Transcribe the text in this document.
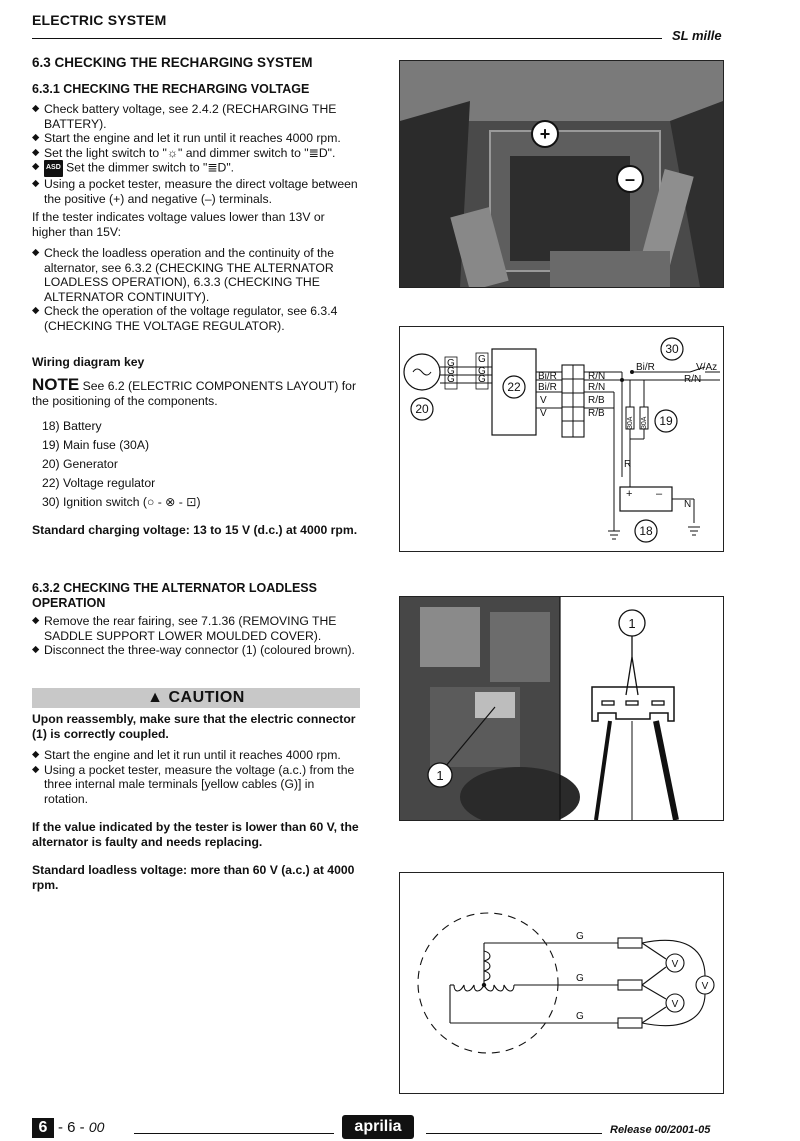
ELECTRIC SYSTEM
SL mille
6.3 CHECKING THE RECHARGING SYSTEM
6.3.1 CHECKING THE RECHARGING VOLTAGE
◆ Check battery voltage, see 2.4.2 (RECHARGING THE BATTERY).
◆ Start the engine and let it run until it reaches 4000 rpm.
◆ Set the light switch to "☼" and dimmer switch to "≣D".
◆ ASD Set the dimmer switch to "≣D".
◆ Using a pocket tester, measure the direct voltage between the positive (+) and negative (–) terminals.

If the tester indicates voltage values lower than 13V or higher than 15V:

◆ Check the loadless operation and the continuity of the alternator, see 6.3.2 (CHECKING THE ALTERNATOR LOADLESS OPERATION), 6.3.3 (CHECKING THE ALTERNATOR CONTINUITY).
◆ Check the operation of the voltage regulator, see 6.3.4 (CHECKING THE VOLTAGE REGULATOR).
Wiring diagram key
NOTE See 6.2 (ELECTRIC COMPONENTS LAYOUT) for the positioning of the components.
18) Battery
19) Main fuse (30A)
20) Generator
22) Voltage regulator
30) Ignition switch (○ - ⊗ - ⊡)

Standard charging voltage: 13 to 15 V (d.c.) at 4000 rpm.

6.3.2 CHECKING THE ALTERNATOR LOADLESS OPERATION
◆ Remove the rear fairing, see 7.1.36 (REMOVING THE SADDLE SUPPORT LOWER MOULDED COVER).
◆ Disconnect the three-way connector (1) (coloured brown).
▲ CAUTION

Upon reassembly, make sure that the electric connector (1) is correctly coupled.

◆ Start the engine and let it run until it reaches 4000 rpm.
◆ Using a pocket tester, measure the voltage (a.c.) from the three internal male terminals [yellow cables (G)] in rotation.

If the value indicated by the tester is lower than 60 V, the alternator is faulty and needs replacing.

Standard loadless voltage: more than 60 V (a.c.) at 4000 rpm.

+
–
G
G
G
G
G
G	Bi/R
Bi/R
V
V
R/N
R/N
R/B
R/B
Bi/R	V/Az
R/N
R
N
+ –
30A 30A
30
22
20
19
18
1
1
G
G
G
V
V
V
6 - 6 - 00	aprilia	Release 00/2001-05
